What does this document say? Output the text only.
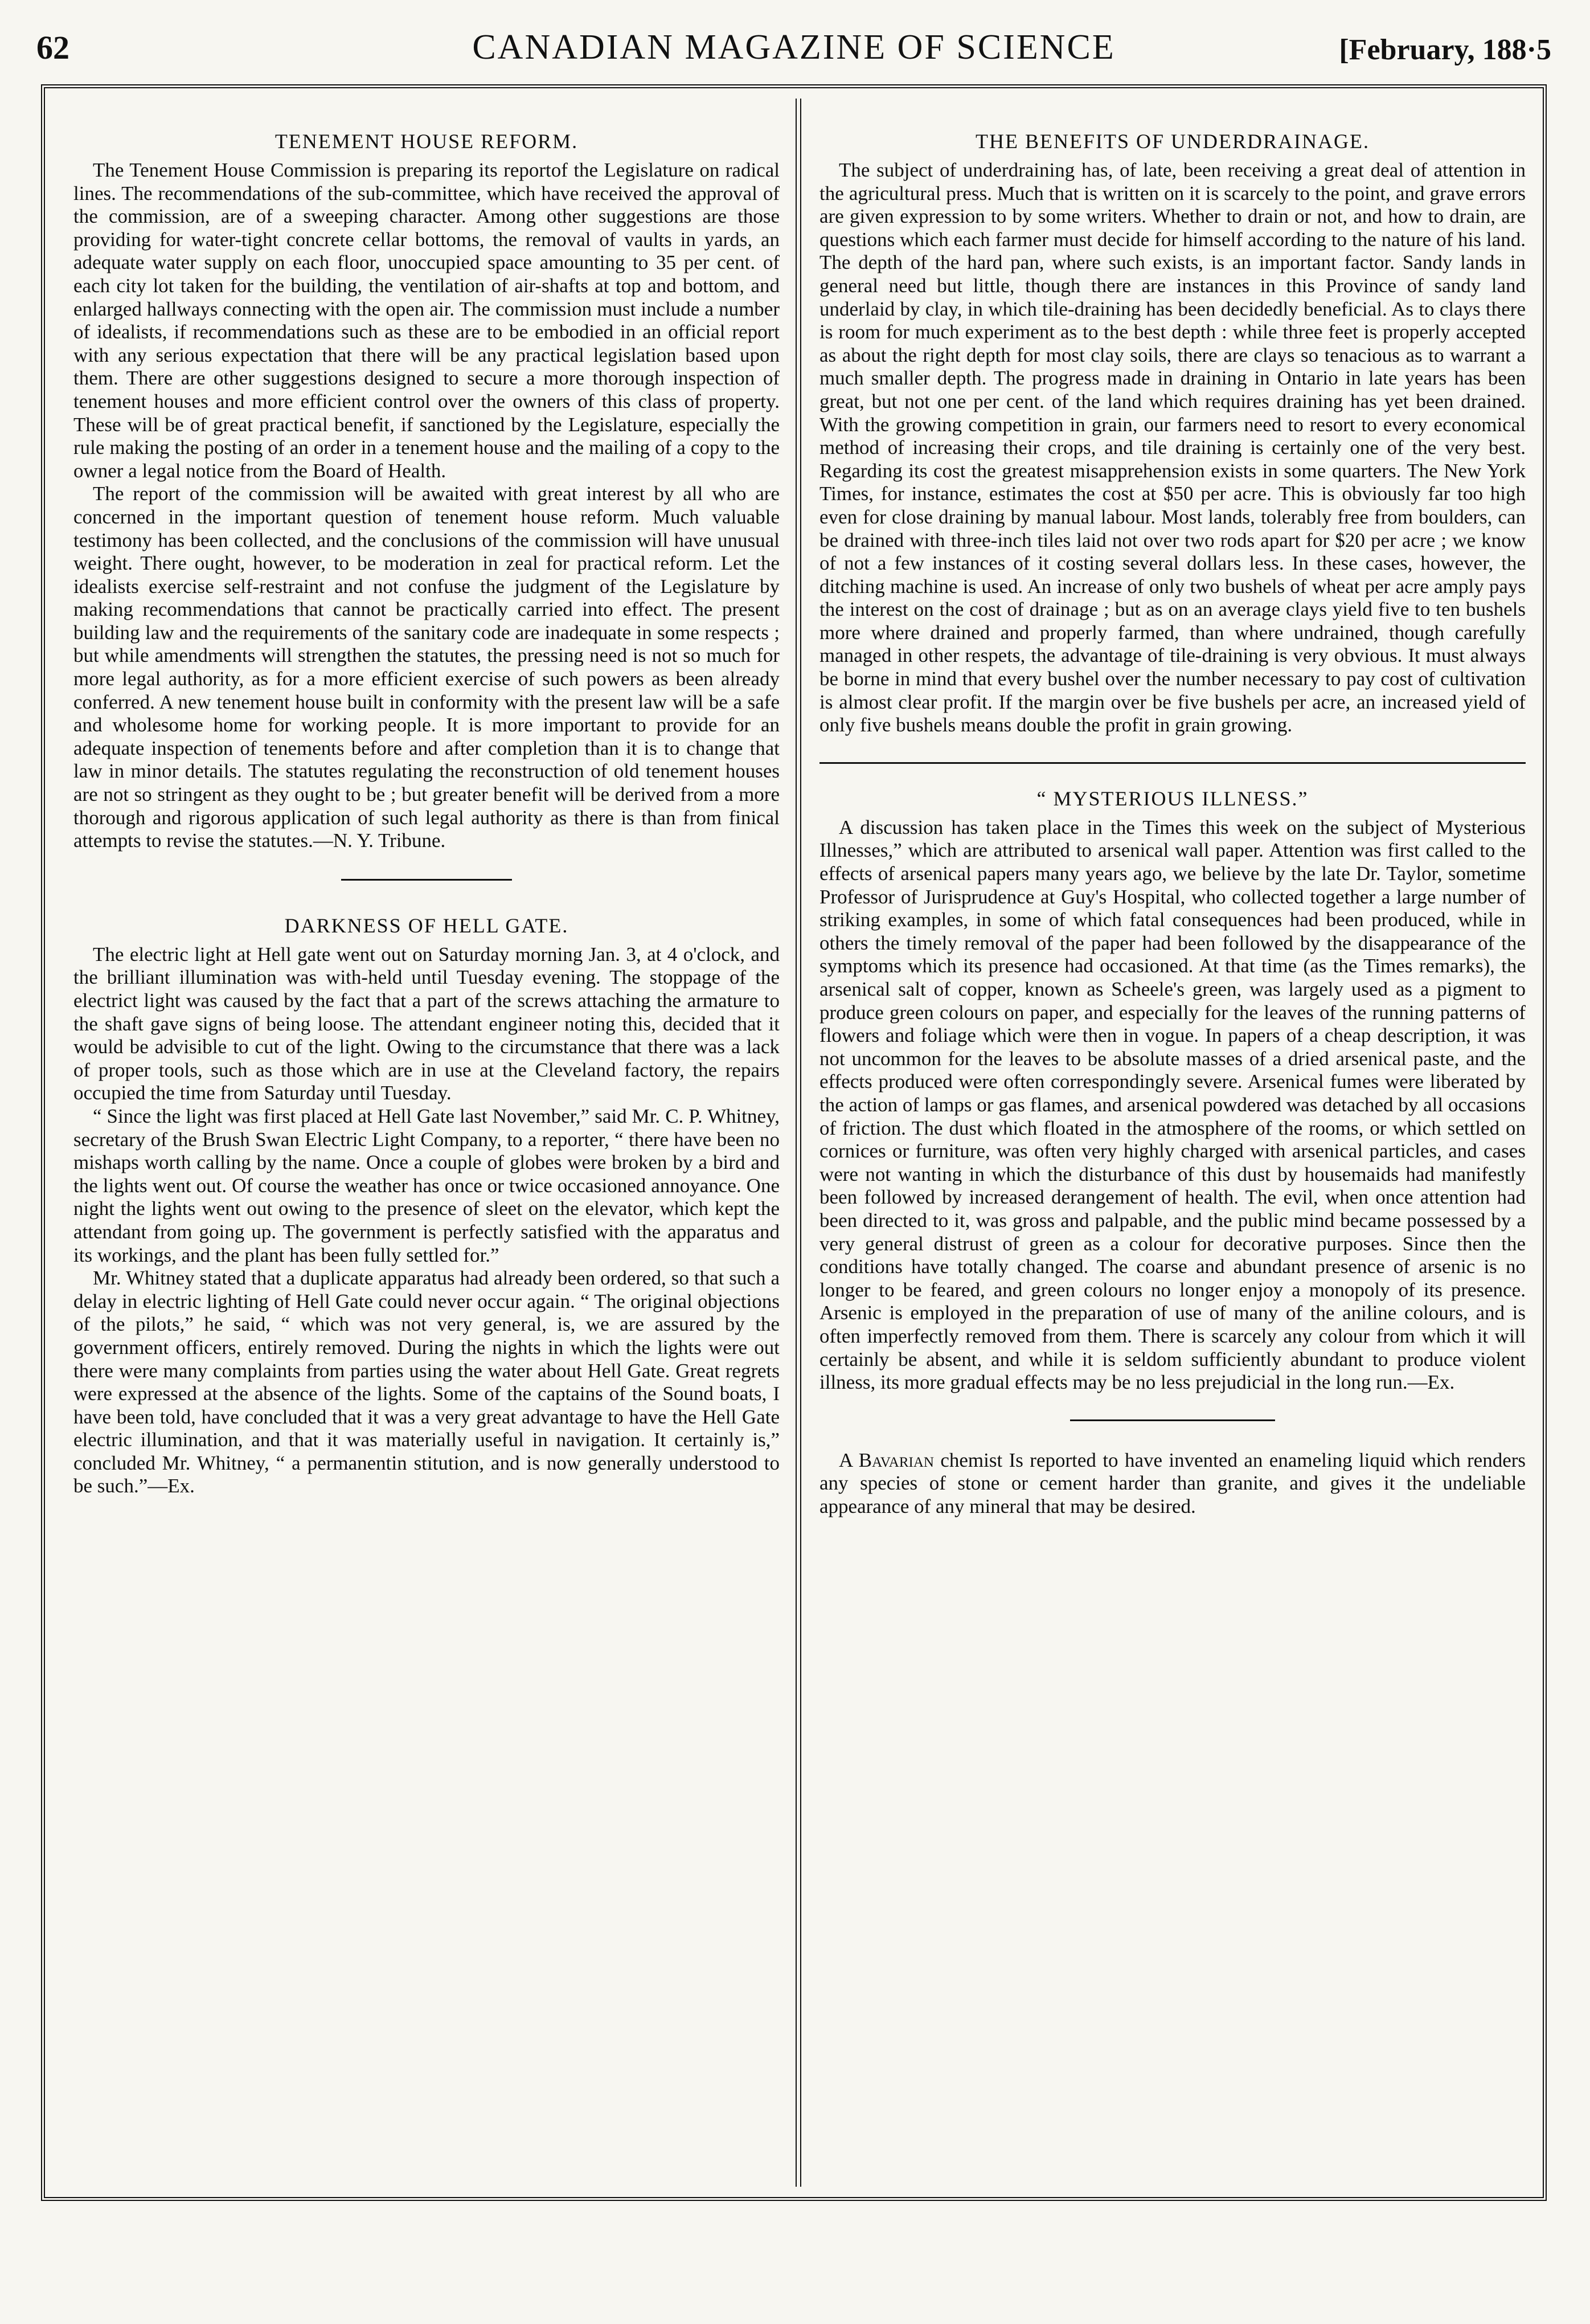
62	CANADIAN MAGAZINE OF SCIENCE	[February, 188·5
TENEMENT HOUSE REFORM.

The Tenement House Commission is preparing its reportof the Legislature on radical lines. The recommendations of the sub-committee, which have received the approval of the commission, are of a sweeping character. Among other suggestions are those providing for water-tight concrete cellar bottoms, the removal of vaults in yards, an adequate water supply on each floor, unoccupied space amounting to 35 per cent. of each city lot taken for the building, the ventilation of air-shafts at top and bottom, and enlarged hallways connecting with the open air. The commission must include a number of idealists, if recommendations such as these are to be embodied in an official report with any serious expectation that there will be any practical legislation based upon them. There are other suggestions designed to secure a more thorough inspection of tenement houses and more efficient control over the owners of this class of property. These will be of great practical benefit, if sanctioned by the Legislature, especially the rule making the posting of an order in a tenement house and the mailing of a copy to the owner a legal notice from the Board of Health.

The report of the commission will be awaited with great interest by all who are concerned in the important question of tenement house reform. Much valuable testimony has been collected, and the conclusions of the commission will have unusual weight. There ought, however, to be moderation in zeal for practical reform. Let the idealists exercise self-restraint and not confuse the judgment of the Legislature by making recommendations that cannot be practically carried into effect. The present building law and the requirements of the sanitary code are inadequate in some respects ; but while amendments will strengthen the statutes, the pressing need is not so much for more legal authority, as for a more efficient exercise of such powers as been already conferred. A new tenement house built in conformity with the present law will be a safe and wholesome home for working people. It is more important to provide for an adequate inspection of tenements before and after completion than it is to change that law in minor details. The statutes regulating the reconstruction of old tenement houses are not so stringent as they ought to be ; but greater benefit will be derived from a more thorough and rigorous application of such legal authority as there is than from finical attempts to revise the statutes.—N. Y. Tribune.

DARKNESS OF HELL GATE.

The electric light at Hell gate went out on Saturday morning Jan. 3, at 4 o'clock, and the brilliant illumination was with-held until Tuesday evening. The stoppage of the electrict light was caused by the fact that a part of the screws attaching the armature to the shaft gave signs of being loose. The attendant engineer noting this, decided that it would be advisible to cut of the light. Owing to the circumstance that there was a lack of proper tools, such as those which are in use at the Cleveland factory, the repairs occupied the time from Saturday until Tuesday.

“ Since the light was first placed at Hell Gate last November,” said Mr. C. P. Whitney, secretary of the Brush Swan Electric Light Company, to a reporter, “ there have been no mishaps worth calling by the name. Once a couple of globes were broken by a bird and the lights went out. Of course the weather has once or twice occasioned annoyance. One night the lights went out owing to the presence of sleet on the elevator, which kept the attendant from going up. The government is perfectly satisfied with the apparatus and its workings, and the plant has been fully settled for.”

Mr. Whitney stated that a duplicate apparatus had already been ordered, so that such a delay in electric lighting of Hell Gate could never occur again. “ The original objections of the pilots,” he said, “ which was not very general, is, we are assured by the government officers, entirely removed. During the nights in which the lights were out there were many complaints from parties using the water about Hell Gate. Great regrets were expressed at the absence of the lights. Some of the captains of the Sound boats, I have been told, have concluded that it was a very great advantage to have the Hell Gate electric illumination, and that it was materially useful in navigation. It certainly is,” concluded Mr. Whitney, “ a permanentin stitution, and is now generally understood to be such.”—Ex.

THE BENEFITS OF UNDERDRAINAGE.

The subject of underdraining has, of late, been receiving a great deal of attention in the agricultural press. Much that is written on it is scarcely to the point, and grave errors are given expression to by some writers. Whether to drain or not, and how to drain, are questions which each farmer must decide for himself according to the nature of his land. The depth of the hard pan, where such exists, is an important factor. Sandy lands in general need but little, though there are instances in this Province of sandy land underlaid by clay, in which tile-draining has been decidedly beneficial. As to clays there is room for much experiment as to the best depth : while three feet is properly accepted as about the right depth for most clay soils, there are clays so tenacious as to warrant a much smaller depth. The progress made in draining in Ontario in late years has been great, but not one per cent. of the land which requires draining has yet been drained. With the growing competition in grain, our farmers need to resort to every economical method of increasing their crops, and tile draining is certainly one of the very best. Regarding its cost the greatest misapprehension exists in some quarters. The New York Times, for instance, estimates the cost at $50 per acre. This is obviously far too high even for close draining by manual labour. Most lands, tolerably free from boulders, can be drained with three-inch tiles laid not over two rods apart for $20 per acre ; we know of not a few instances of it costing several dollars less. In these cases, however, the ditching machine is used. An increase of only two bushels of wheat per acre amply pays the interest on the cost of drainage ; but as on an average clays yield five to ten bushels more where drained and properly farmed, than where undrained, though carefully managed in other respets, the advantage of tile-draining is very obvious. It must always be borne in mind that every bushel over the number necessary to pay cost of cultivation is almost clear profit. If the margin over be five bushels per acre, an increased yield of only five bushels means double the profit in grain growing.

“ MYSTERIOUS ILLNESS.”

A discussion has taken place in the Times this week on the subject of Mysterious Illnesses,” which are attributed to arsenical wall paper. Attention was first called to the effects of arsenical papers many years ago, we believe by the late Dr. Taylor, sometime Professor of Jurisprudence at Guy's Hospital, who collected together a large number of striking examples, in some of which fatal consequences had been produced, while in others the timely removal of the paper had been followed by the disappearance of the symptoms which its presence had occasioned. At that time (as the Times remarks), the arsenical salt of copper, known as Scheele's green, was largely used as a pigment to produce green colours on paper, and especially for the leaves of the running patterns of flowers and foliage which were then in vogue. In papers of a cheap description, it was not uncommon for the leaves to be absolute masses of a dried arsenical paste, and the effects produced were often correspondingly severe. Arsenical fumes were liberated by the action of lamps or gas flames, and arsenical powdered was detached by all occasions of friction. The dust which floated in the atmosphere of the rooms, or which settled on cornices or furniture, was often very highly charged with arsenical particles, and cases were not wanting in which the disturbance of this dust by housemaids had manifestly been followed by increased derangement of health. The evil, when once attention had been directed to it, was gross and palpable, and the public mind became possessed by a very general distrust of green as a colour for decorative purposes. Since then the conditions have totally changed. The coarse and abundant presence of arsenic is no longer to be feared, and green colours no longer enjoy a monopoly of its presence. Arsenic is employed in the preparation of use of many of the aniline colours, and is often imperfectly removed from them. There is scarcely any colour from which it will certainly be absent, and while it is seldom sufficiently abundant to produce violent illness, its more gradual effects may be no less prejudicial in the long run.—Ex.

A Bavarian chemist Is reported to have invented an enameling liquid which renders any species of stone or cement harder than granite, and gives it the undeliable appearance of any mineral that may be desired.
